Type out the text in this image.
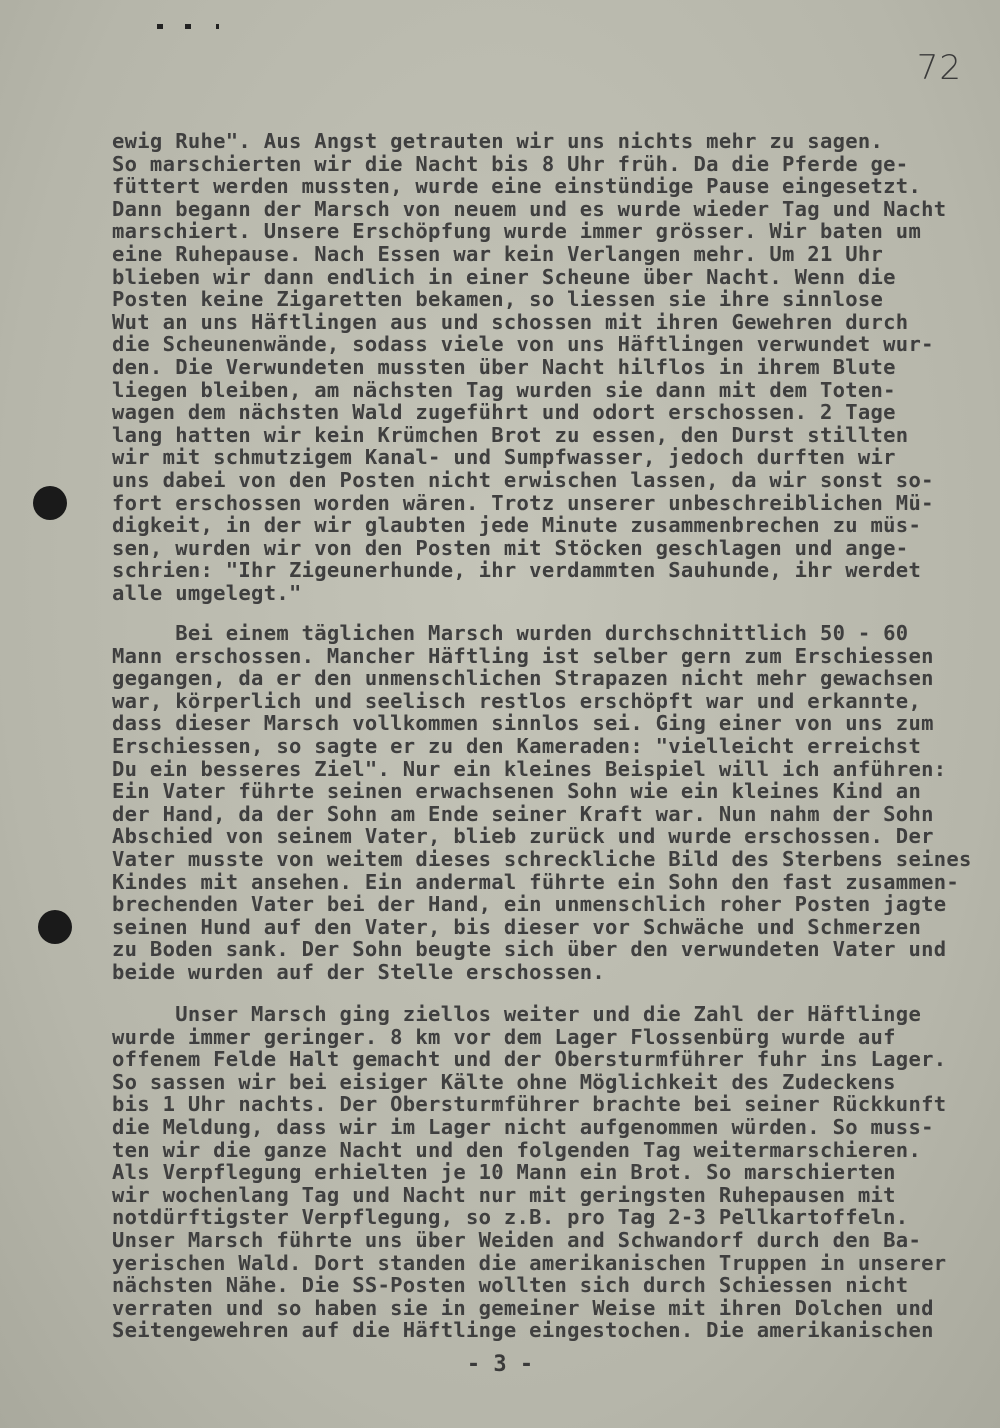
72
ewig Ruhe". Aus Angst getrauten wir uns nichts mehr zu sagen.
So marschierten wir die Nacht bis 8 Uhr früh. Da die Pferde ge-
füttert werden mussten, wurde eine einstündige Pause eingesetzt.
Dann begann der Marsch von neuem und es wurde wieder Tag und Nacht
marschiert. Unsere Erschöpfung wurde immer grösser. Wir baten um
eine Ruhepause. Nach Essen war kein Verlangen mehr. Um 21 Uhr
blieben wir dann endlich in einer Scheune über Nacht. Wenn die
Posten keine Zigaretten bekamen, so liessen sie ihre sinnlose
Wut an uns Häftlingen aus und schossen mit ihren Gewehren durch
die Scheunenwände, sodass viele von uns Häftlingen verwundet wur-
den. Die Verwundeten mussten über Nacht hilflos in ihrem Blute
liegen bleiben, am nächsten Tag wurden sie dann mit dem Toten-
wagen dem nächsten Wald zugeführt und odort erschossen. 2 Tage
lang hatten wir kein Krümchen Brot zu essen, den Durst stillten
wir mit schmutzigem Kanal- und Sumpfwasser, jedoch durften wir
uns dabei von den Posten nicht erwischen lassen, da wir sonst so-
fort erschossen worden wären. Trotz unserer unbeschreiblichen Mü-
digkeit, in der wir glaubten jede Minute zusammenbrechen zu müs-
sen, wurden wir von den Posten mit Stöcken geschlagen und ange-
schrien: "Ihr Zigeunerhunde, ihr verdammten Sauhunde, ihr werdet
alle umgelegt."
Bei einem täglichen Marsch wurden durchschnittlich 50 - 60
Mann erschossen. Mancher Häftling ist selber gern zum Erschiessen
gegangen, da er den unmenschlichen Strapazen nicht mehr gewachsen
war, körperlich und seelisch restlos erschöpft war und erkannte,
dass dieser Marsch vollkommen sinnlos sei. Ging einer von uns zum
Erschiessen, so sagte er zu den Kameraden: "vielleicht erreichst
Du ein besseres Ziel". Nur ein kleines Beispiel will ich anführen:
Ein Vater führte seinen erwachsenen Sohn wie ein kleines Kind an
der Hand, da der Sohn am Ende seiner Kraft war. Nun nahm der Sohn
Abschied von seinem Vater, blieb zurück und wurde erschossen. Der
Vater musste von weitem dieses schreckliche Bild des Sterbens seines
Kindes mit ansehen. Ein andermal führte ein Sohn den fast zusammen-
brechenden Vater bei der Hand, ein unmenschlich roher Posten jagte
seinen Hund auf den Vater, bis dieser vor Schwäche und Schmerzen
zu Boden sank. Der Sohn beugte sich über den verwundeten Vater und
beide wurden auf der Stelle erschossen.
Unser Marsch ging ziellos weiter und die Zahl der Häftlinge
wurde immer geringer. 8 km vor dem Lager Flossenbürg wurde auf
offenem Felde Halt gemacht und der Obersturmführer fuhr ins Lager.
So sassen wir bei eisiger Kälte ohne Möglichkeit des Zudeckens
bis 1 Uhr nachts. Der Obersturmführer brachte bei seiner Rückkunft
die Meldung, dass wir im Lager nicht aufgenommen würden. So muss-
ten wir die ganze Nacht und den folgenden Tag weitermarschieren.
Als Verpflegung erhielten je 10 Mann ein Brot. So marschierten
wir wochenlang Tag und Nacht nur mit geringsten Ruhepausen mit
notdürftigster Verpflegung, so z.B. pro Tag 2-3 Pellkartoffeln.
Unser Marsch führte uns über Weiden and Schwandorf durch den Ba-
yerischen Wald. Dort standen die amerikanischen Truppen in unserer
nächsten Nähe. Die SS-Posten wollten sich durch Schiessen nicht
verraten und so haben sie in gemeiner Weise mit ihren Dolchen und
Seitengewehren auf die Häftlinge eingestochen. Die amerikanischen
- 3 -
